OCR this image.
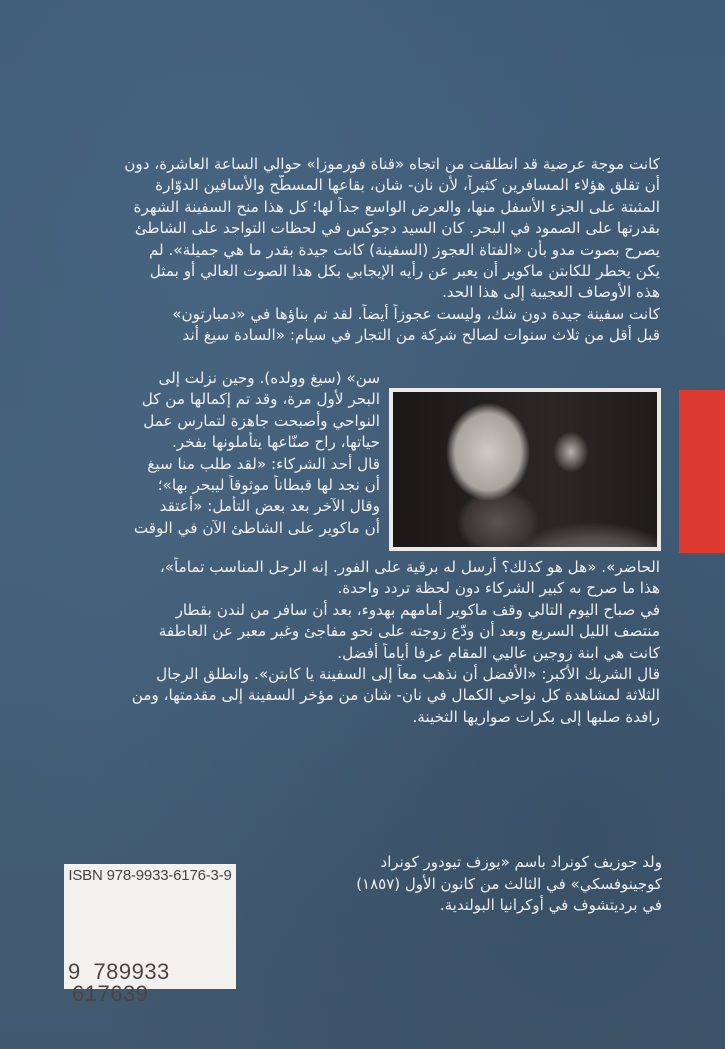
كانت موجة عرضية قد انطلقت من اتجاه «قناة فورموزا» حوالي الساعة العاشرة، دون
أن تقلق هؤلاء المسافرين كثيراً، لأن نان- شان، بقاعها المسطّح والأسافين الدوّارة
المثبتة على الجزء الأسفل منها، والعرض الواسع جداً لها؛ كل هذا منح السفينة الشهرة
بقدرتها على الصمود في البحر. كان السيد دجوكس في لحظات التواجد على الشاطئ
يصرح بصوت مدو بأن «الفتاة العجوز (السفينة) كانت جيدة بقدر ما هي جميلة». لم
يكن يخطر للكابتن ماكوير أن يعبر عن رأيه الإيجابي بكل هذا الصوت العالي أو بمثل
هذه الأوصاف العجيبة إلى هذا الحد.
كانت سفينة جيدة دون شك، وليست عجوزاً أيضاً. لقد تم بناؤها في «دمبارتون»
قبل أقل من ثلاث سنوات لصالح شركة من التجار في سيام: «السادة سيغ أند
سن» (سيغ وولده). وحين نزلت إلى
البحر لأول مرة، وقد تم إكمالها من كل
النواحي وأصبحت جاهزة لتمارس عمل
حياتها، راح صنّاعها يتأملونها بفخر.
قال أحد الشركاء: «لقد طلب منا سيغ
أن نجد لها قبطاناً موثوقاً ليبحر بها»؛
وقال الآخر بعد بعض التأمل: «أعتقد
أن ماكوير على الشاطئ الآن في الوقت
الحاضر». «هل هو كذلك؟ أرسل له برقية على الفور. إنه الرجل المناسب تماماً»،
هذا ما صرح به كبير الشركاء دون لحظة تردد واحدة.
في صباح اليوم التالي وقف ماكوير أمامهم بهدوء، بعد أن سافر من لندن بقطار
منتصف الليل السريع وبعد أن ودّع زوجته على نحو مفاجئ وغير معبر عن العاطفة
كانت هي ابنة زوجين عاليي المقام عرفا أياماً أفضل.
قال الشريك الأكبر: «الأفضل أن نذهب معاً إلى السفينة يا كابتن». وانطلق الرجال
الثلاثة لمشاهدة كل نواحي الكمال في نان- شان من مؤخر السفينة إلى مقدمتها، ومن
رافدة صلبها إلى بكرات صواريها الثخينة.
ولد جوزيف كونراد باسم «يوزف تيودور كونراد
كوجينوفسكي» في الثالث من كانون الأول (١٨٥٧)
في برديتشوف في أوكرانيا البولندية.
ISBN 978-9933-6176-3-9
9 789933 617639
